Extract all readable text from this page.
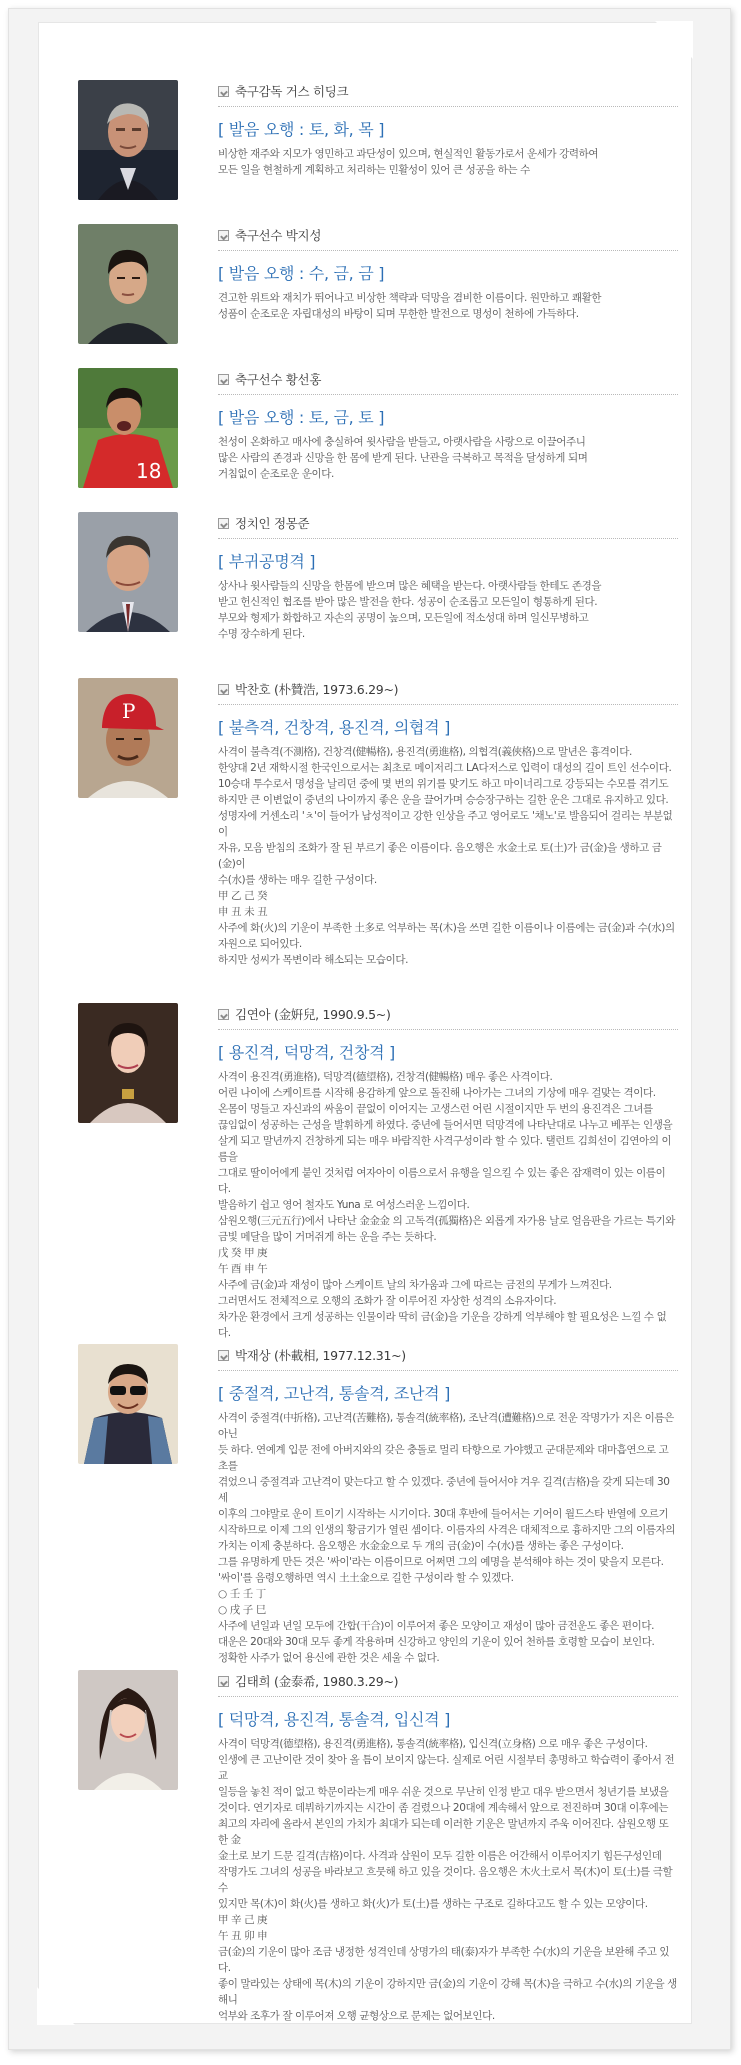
축구감독 거스 히딩크
[ 발음 오행 : 토, 화, 목 ]

비상한 재주와 지모가 영민하고 과단성이 있으며, 현실적인 활동가로서 운세가 강력하여

모든 일을 현철하게 계획하고 처리하는 민활성이 있어 큰 성공을 하는 수

축구선수 박지성
[ 발음 오행 : 수, 금, 금 ]

견고한 위트와 재치가 뛰어나고 비상한 책략과 덕망을 겸비한 이름이다. 원만하고 쾌활한

성품이 순조로운 자립대성의 바탕이 되며 무한한 발전으로 명성이 천하에 가득하다.

18
축구선수 황선홍
[ 발음 오행 : 토, 금, 토 ]

천성이 온화하고 매사에 충실하여 윗사람을 받들고, 아랫사람을 사랑으로 이끌어주니

많은 사람의 존경과 신망을 한 몸에 받게 된다. 난관을 극복하고 목적을 달성하게 되며

거침없이 순조로운 운이다.

정치인 정몽준
[ 부귀공명격 ]

상사나 윗사람들의 신망을 한몸에 받으며 많은 혜택을 받는다. 아랫사람들 한테도 존경을

받고 헌신적인 협조를 받아 많은 발전을 한다. 성공이 순조롭고 모든일이 형통하게 된다.

부모와 형제가 화합하고 자손의 공명이 높으며, 모든일에 적소성대 하며 일신무병하고

수명 장수하게 된다.

P
박찬호 (朴贊浩, 1973.6.29~)
[ 불측격, 건창격, 용진격, 의협격 ]

사격이 불측격(不測格), 건창격(健暢格), 용진격(勇進格), 의협격(義俠格)으로 말년은 흉격이다.

한양대 2년 재학시절 한국인으로서는 최초로 메이저리그 LA다저스로 입력이 대성의 길이 트인 선수이다.

10승대 투수로서 명성을 날리던 중에 몇 번의 위기를 맞기도 하고 마이너리그로 강등되는 수모를 겪기도

하지만 큰 이변없이 중년의 나이까지 좋은 운을 끌어가며 승승장구하는 길한 운은 그대로 유지하고 있다.

성명자에 거센소리 'ㅊ'이 들어가 남성적이고 강한 인상을 주고 영어로도 '채노'로 발음되어 걸리는 부분없이

자유, 모음 받침의 조화가 잘 된 부르기 좋은 이름이다. 음오행은 水金土로 토(土)가 금(金)을 생하고 금(金)이

수(水)를 생하는 매우 길한 구성이다.

甲 乙 己 癸

申 丑 未 丑

사주에 화(火)의 기운이 부족한 土多로 억부하는 목(木)을 쓰면 길한 이름이나 이름에는 금(金)과 수(水)의

자원으로 되어있다.

하지만 성씨가 목변이라 해소되는 모습이다.

김연아 (金姸兒, 1990.9.5~)
[ 용진격, 덕망격, 건창격 ]

사격이 용진격(勇進格), 덕망격(德望格), 건창격(健暢格) 매우 좋은 사격이다.

어린 나이에 스케이트를 시작해 용감하게 앞으로 돌진해 나아가는 그녀의 기상에 매우 걸맞는 격이다.

온몸이 멍들고 자신과의 싸움이 끝없이 이어지는 고생스런 어린 시절이지만 두 번의 용진격은 그녀를

끊임없이 성공하는 근성을 발휘하게 하였다. 중년에 들어서면 덕망격에 나타난대로 나누고 베푸는 인생을

살게 되고 말년까지 건창하게 되는 매우 바람직한 사격구성이라 할 수 있다. 탤런트 김희선이 김연아의 이름을

그대로 딸이어에게 붙인 것처럼 여자아이 이름으로서 유행을 일으킬 수 있는 좋은 잠재력이 있는 이름이다.

발음하기 쉽고 영어 철자도 Yuna 로 여성스러운 느낌이다.

삼원오행(三元五行)에서 나타난 金金金 의 고독격(孤獨格)은 외롭게 자가용 날로 얼음판을 가르는 특기와

금빛 메달을 많이 거머쥐게 하는 운을 주는 듯하다.

戊 癸 甲 庚

午 酉 申 午

사주에 금(金)과 재성이 많아 스케이트 날의 차가움과 그에 따르는 금전의 무게가 느껴진다.

그러면서도 전체적으로 오행의 조화가 잘 이루어진 자상한 성격의 소유자이다.

차가운 환경에서 크게 성공하는 인물이라 딱히 금(金)을 기운을 강하게 억부해야 할 필요성은 느낄 수 없다.

박재상 (朴載相, 1977.12.31~)
[ 중절격, 고난격, 통솔격, 조난격 ]

사격이 중절격(中折格), 고난격(苦難格), 통솔격(統率格), 조난격(遭難格)으로 전운 작명가가 지은 이름은 아닌

듯 하다. 연예계 입문 전에 아버지와의 갖은 충돌로 멀리 타향으로 가야했고 군대문제와 대마흡연으로 고초를

겪었으니 중절격과 고난격이 맞는다고 할 수 있겠다. 중년에 들어서야 겨우 길격(吉格)을 갖게 되는데 30세

이후의 그야말로 운이 트이기 시작하는 시기이다. 30대 후반에 들어서는 기어이 월드스타 반열에 오르기

시작하므로 이제 그의 인생의 황금기가 열린 셈이다. 이름자의 사격은 대체적으로 흉하지만 그의 이름자의

가치는 이제 충분하다. 음오행은 水金金으로 두 개의 금(金)이 수(水)를 생하는 좋은 구성이다.

그를 유명하게 만든 것은 '싸이'라는 이름이므로 어쩌면 그의 예명을 분석해야 하는 것이 맞을지 모른다.

'싸이'를 음령오행하면 역시 土土金으로 길한 구성이라 할 수 있겠다.

○ 壬 壬 丁

○ 戌 子 巳

사주에 년일과 년일 모두에 간합(干合)이 이루어져 좋은 모양이고 재성이 많아 금전운도 좋은 편이다.

대운은 20대와 30대 모두 좋게 작용하며 신강하고 양인의 기운이 있어 천하를 호령할 모습이 보인다.

정확한 사주가 없어 용신에 관한 것은 세울 수 없다.

김태희 (金泰希, 1980.3.29~)
[ 덕망격, 용진격, 통솔격, 입신격 ]

사격이 덕망격(德望格), 용진격(勇進格), 통솔격(統率格), 입신격(立身格) 으로 매우 좋은 구성이다.

인생에 큰 고난이란 것이 찾아 올 틈이 보이지 않는다. 실제로 어린 시절부터 총명하고 학습력이 좋아서 전교

일등을 놓친 적이 없고 학문이라는게 매우 쉬운 것으로 무난히 인정 받고 대우 받으면서 청년기를 보냈을

것이다. 연기자로 데뷔하기까지는 시간이 좀 걸렸으나 20대에 계속해서 앞으로 전진하며 30대 이후에는

최고의 자리에 올라서 본인의 가치가 최대가 되는데 이러한 기운은 말년까지 주욱 이어진다. 삼원오행 또한 金

金土로 보기 드문 길격(吉格)이다. 사격과 삼원이 모두 길한 이름은 어간해서 이루어지기 힘든구성인데

작명가도 그녀의 성공을 바라보고 흐뭇해 하고 있을 것이다. 음오행은 木火土로서 목(木)이 토(土)를 극할 수

있지만 목(木)이 화(火)를 생하고 화(火)가 토(土)를 생하는 구조로 길하다고도 할 수 있는 모양이다.

甲 辛 己 庚

午 丑 卯 申

금(金)의 기운이 많아 조금 냉정한 성격인데 상명가의 태(泰)자가 부족한 수(水)의 기운을 보완해 주고 있다.

좋이 말라있는 상태에 목(木)의 기운이 강하지만 금(金)의 기운이 강해 목(木)을 극하고 수(水)의 기운을 생해니

억부와 조후가 잘 이루어져 오행 균형상으로 문제는 없어보인다.
